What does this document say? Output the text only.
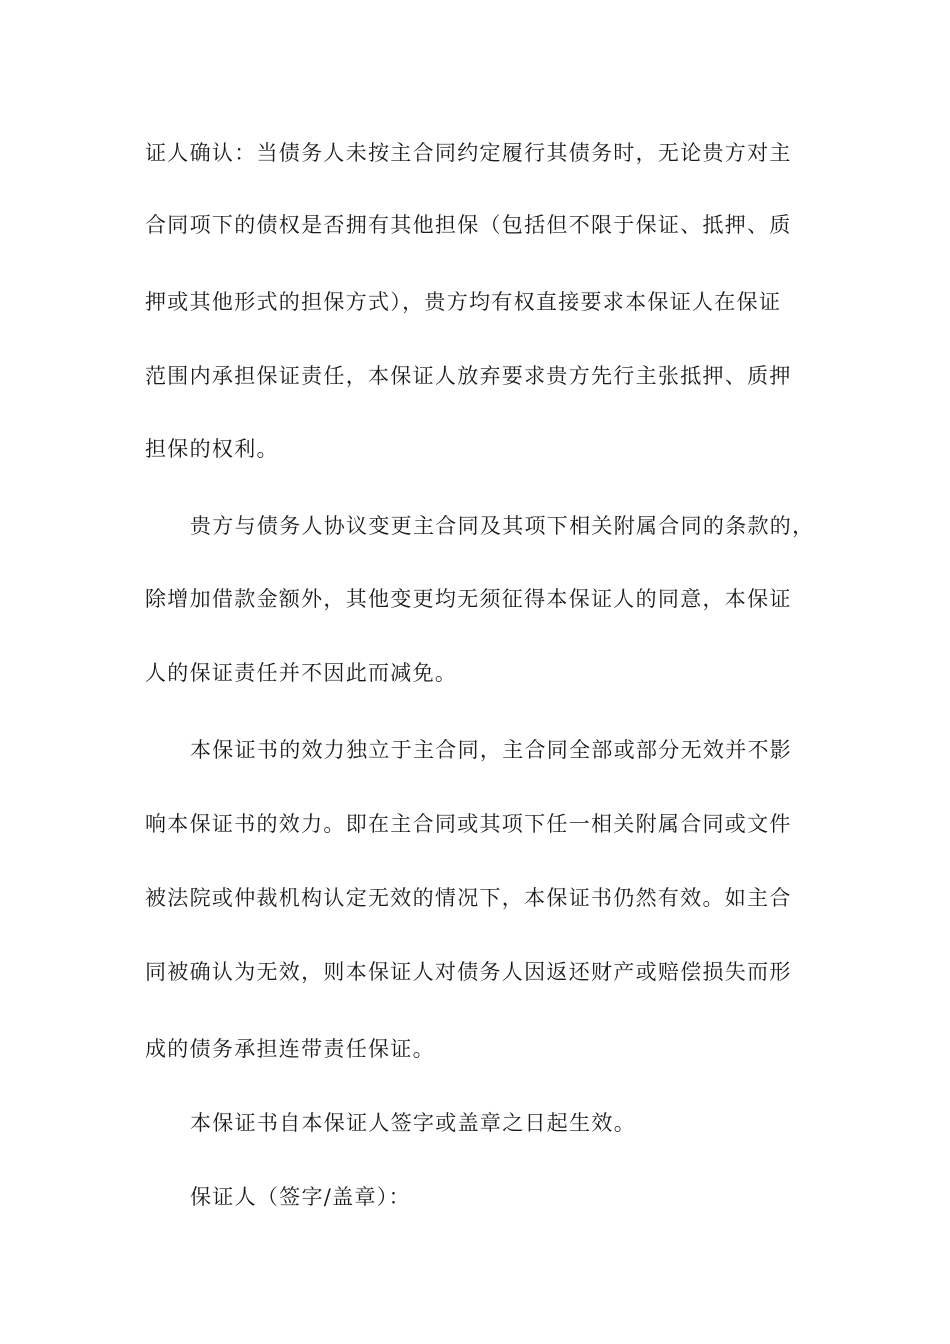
证人确认：当债务人未按主合同约定履行其债务时，无论贵方对主
合同项下的债权是否拥有其他担保（包括但不限于保证、抵押、质
押或其他形式的担保方式），贵方均有权直接要求本保证人在保证
范围内承担保证责任，本保证人放弃要求贵方先行主张抵押、质押
担保的权利。
贵方与债务人协议变更主合同及其项下相关附属合同的条款的，
除增加借款金额外，其他变更均无须征得本保证人的同意，本保证
人的保证责任并不因此而减免。
本保证书的效力独立于主合同，主合同全部或部分无效并不影
响本保证书的效力。即在主合同或其项下任一相关附属合同或文件
被法院或仲裁机构认定无效的情况下，本保证书仍然有效。如主合
同被确认为无效，则本保证人对债务人因返还财产或赔偿损失而形
成的债务承担连带责任保证。
本保证书自本保证人签字或盖章之日起生效。
保证人（签字/盖章）：
